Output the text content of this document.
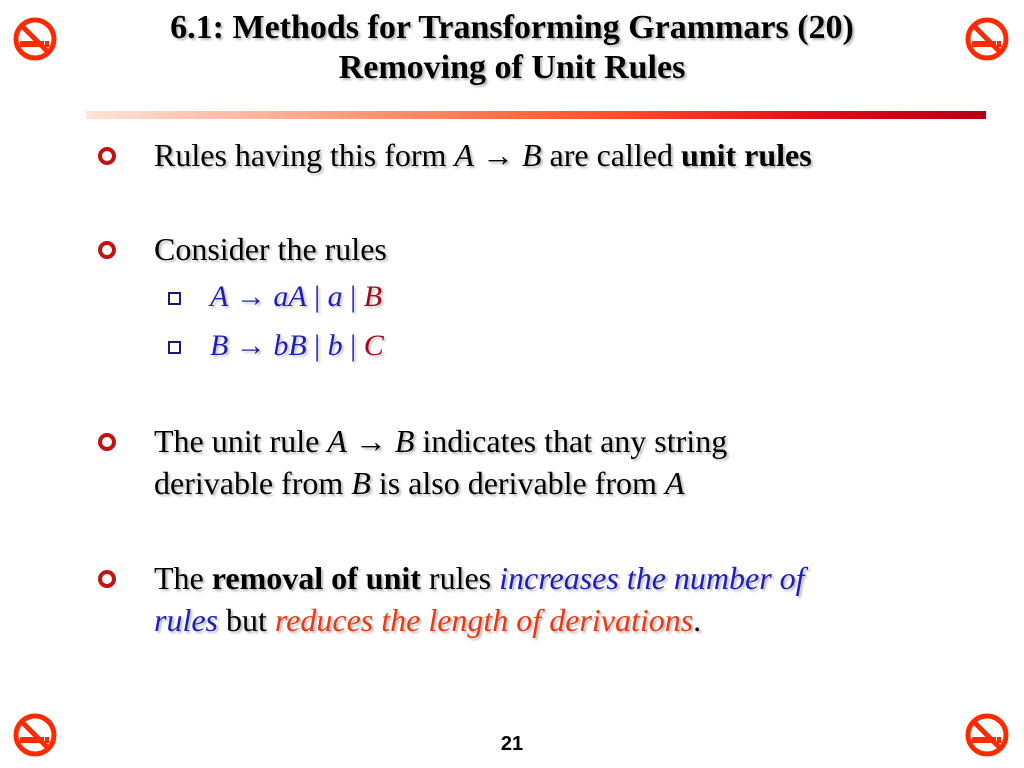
6.1: Methods for Transforming Grammars (20)
Removing of Unit Rules
Rules having this form A → B are called unit rules
Consider the rules
A → aA | a | B
B → bB | b | C
The unit rule A → B indicates that any string
derivable from B is also derivable from A
The removal of unit rules increases the number of
rules but reduces the length of derivations.
21
